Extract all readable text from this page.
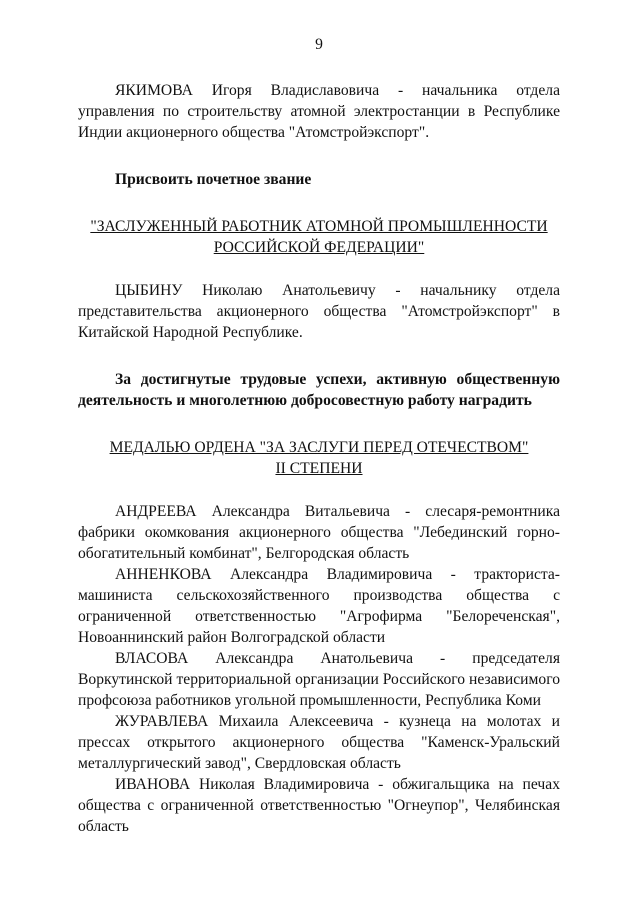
9

ЯКИМОВА Игоря Владиславовича - начальника отдела управления по строительству атомной электростанции в Республике Индии акционерного общества "Атомстройэкспорт".

Присвоить почетное звание

"ЗАСЛУЖЕННЫЙ РАБОТНИК АТОМНОЙ ПРОМЫШЛЕННОСТИ

РОССИЙСКОЙ ФЕДЕРАЦИИ"

ЦЫБИНУ Николаю Анатольевичу - начальнику отдела представительства акционерного общества "Атомстройэкспорт" в Китайской Народной Республике.

За достигнутые трудовые успехи, активную общественную деятельность и многолетнюю добросовестную работу наградить

МЕДАЛЬЮ ОРДЕНА "ЗА ЗАСЛУГИ ПЕРЕД ОТЕЧЕСТВОМ"

II СТЕПЕНИ

АНДРЕЕВА Александра Витальевича - слесаря-ремонтника фабрики окомкования акционерного общества "Лебединский горно-обогатительный комбинат", Белгородская область

АННЕНКОВА Александра Владимировича - тракториста-машиниста сельскохозяйственного производства общества с ограниченной ответственностью "Агрофирма "Белореченская", Новоаннинский район Волгоградской области

ВЛАСОВА Александра Анатольевича - председателя Воркутинской территориальной организации Российского независимого профсоюза работников угольной промышленности, Республика Коми

ЖУРАВЛЕВА Михаила Алексеевича - кузнеца на молотах и прессах открытого акционерного общества "Каменск-Уральский металлургический завод", Свердловская область

ИВАНОВА Николая Владимировича - обжигальщика на печах общества с ограниченной ответственностью "Огнеупор", Челябинская область
